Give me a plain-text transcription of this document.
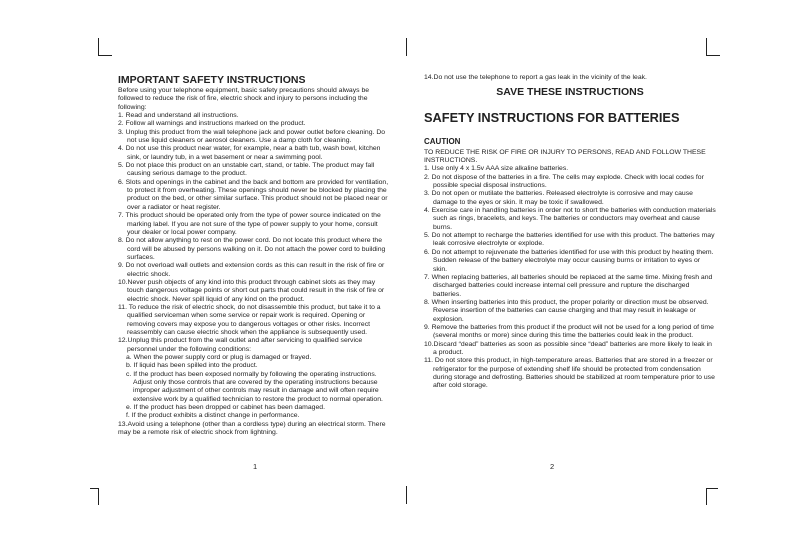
IMPORTANT SAFETY INSTRUCTIONS
Before using your telephone equipment, basic safety precautions should always be followed to reduce the risk of fire, electric shock and injury to persons including the following:
1. Read and understand all instructions.
2. Follow all warnings and instructions marked on the product.
3. Unplug this product from the wall telephone jack and power outlet before cleaning. Do not use liquid cleaners or aerosol cleaners. Use a damp cloth for cleaning.
4. Do not use this product near water, for example, near a bath tub, wash bowl, kitchen sink, or laundry tub, in a wet basement or near a swimming pool.
5. Do not place this product on an unstable cart, stand, or table. The product may fall causing serious damage to the product.
6. Slots and openings in the cabinet and the back and bottom are provided for ventilation, to protect it from overheating. These openings should never be blocked by placing the product on the bed, or other similar surface. This product should not be placed near or over a radiator or heat register.
7. This product should be operated only from the type of power source indicated on the marking label. If you are not sure of the type of power supply to your home, consult your dealer or local power company.
8. Do not allow anything to rest on the power cord. Do not locate this product where the cord will be abused by persons walking on it. Do not attach the power cord to building surfaces.
9. Do not overload wall outlets and extension cords as this can result in the risk of fire or electric shock.
10.Never push objects of any kind into this product through cabinet slots as they may touch dangerous voltage points or short out parts that could result in the risk of fire or electric shock. Never spill liquid of any kind on the product.
11. To reduce the risk of electric shock, do not disassemble this product, but take it to a qualified serviceman when some service or repair work is required. Opening or removing covers may expose you to dangerous voltages or other risks. Incorrect reassembly can cause electric shock when the appliance is subsequently used.
12.Unplug this product from the wall outlet and after servicing to qualified service personnel under the following conditions:
a. When the power supply cord or plug is damaged or frayed.
b. If liquid has been spilled into the product.
c. If the product has been exposed normally by following the operating instructions. Adjust only those controls that are covered by the operating instructions because improper adjustment of other controls may result in damage and will often require extensive work by a qualified technician to restore the product to normal operation.
e. If the product has been dropped or cabinet has been damaged.
f. If the product exhibits a distinct change in performance.
13.Avoid using a telephone (other than a cordless type) during an electrical storm. There may be a remote risk of electric shock from lightning.
1
14.Do not use the telephone to report a gas leak in the vicinity of the leak.
SAVE THESE INSTRUCTIONS
SAFETY INSTRUCTIONS FOR BATTERIES
CAUTION
TO REDUCE THE RISK OF FIRE OR INJURY TO PERSONS, READ AND FOLLOW THESE INSTRUCTIONS.
1. Use only 4 x 1.5v AAA size alkaline batteries.
2. Do not dispose of the batteries in a fire. The cells may explode. Check with local codes for possible special disposal instructions.
3. Do not open or mutilate the batteries. Released electrolyte is corrosive and may cause damage to the eyes or skin. It may be toxic if swallowed.
4. Exercise care in handling batteries in order not to short the batteries with conduction materials such as rings, bracelets, and keys. The batteries or conductors may overheat and cause burns.
5. Do not attempt to recharge the batteries identified for use with this product. The batteries may leak corrosive electrolyte or explode.
6. Do not attempt to rejuvenate the batteries identified for use with this product by heating them. Sudden release of the battery electrolyte may occur causing burns or irritation to eyes or skin.
7. When replacing batteries, all batteries should be replaced at the same time. Mixing fresh and discharged batteries could increase internal cell pressure and rupture the discharged batteries.
8. When inserting batteries into this product, the proper polarity or direction must be observed. Reverse insertion of the batteries can cause charging and that may result in leakage or explosion.
9. Remove the batteries from this product if the product will not be used for a long period of time (several months or more) since during this time the batteries could leak in the product.
10.Discard “dead” batteries as soon as possible since “dead” batteries are more likely to leak in a product.
11. Do not store this product, in high-temperature areas. Batteries that are stored in a freezer or refrigerator for the purpose of extending shelf life should be protected from condensation during storage and defrosting. Batteries should be stabilized at room temperature prior to use after cold storage.
2
